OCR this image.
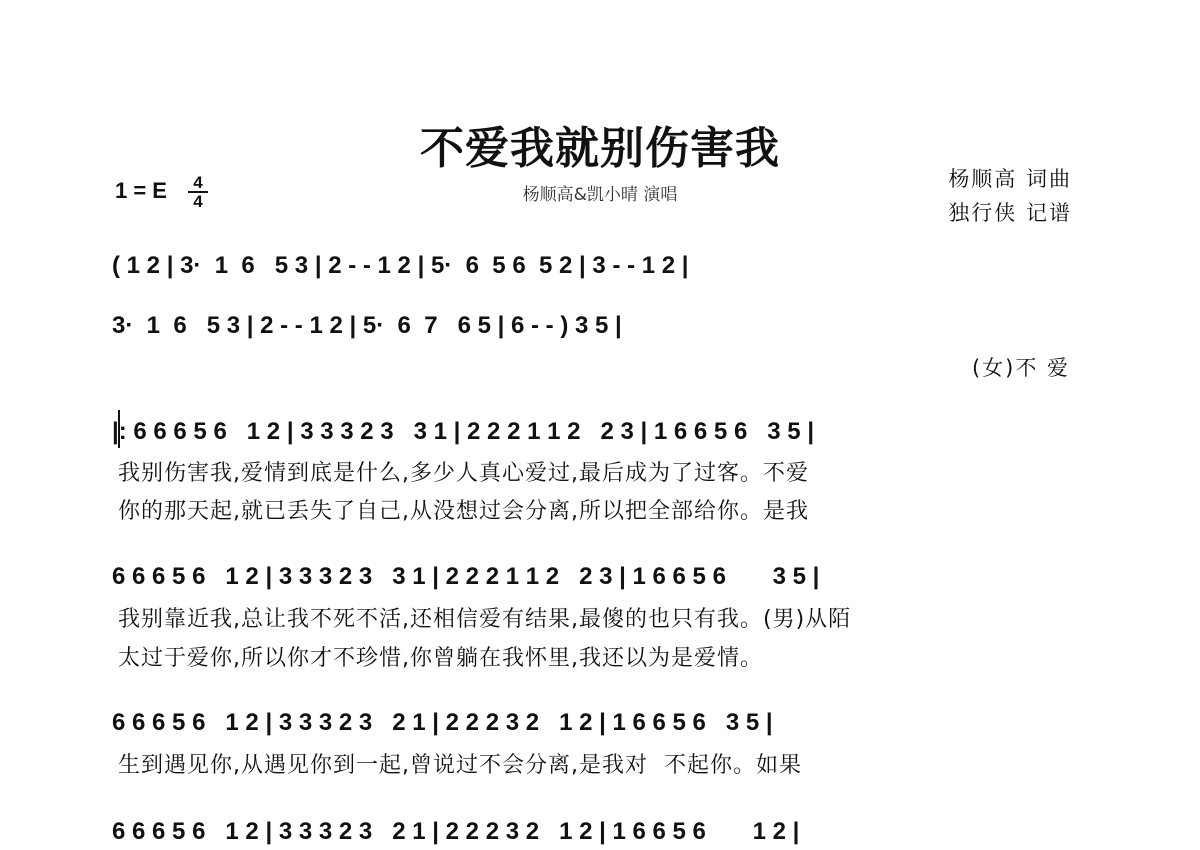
不爱我就别伤害我
1 = E	4
4	杨顺高&凯小晴 演唱
杨顺高 词曲
独行侠 记谱
( 1 2 | 3·  1  6   5 3 | 2 - - 1 2 | 5·  6  5 6  5 2 | 3 - - 1 2 |
3·  1  6   5 3 | 2 - - 1 2 | 5·  6  7   6 5 | 6 - - ) 3 5 |
(女)不 爱
|: 6 6 6 5 6   1 2 | 3 3 3 2 3   3 1 | 2 2 2 1 1 2   2 3 | 1 6 6 5 6   3 5 |
我别伤害我,爱情到底是什么,多少人真心爱过,最后成为了过客。不爱
你的那天起,就已丢失了自己,从没想过会分离,所以把全部给你。是我
6 6 6 5 6   1 2 | 3 3 3 2 3   3 1 | 2 2 2 1 1 2   2 3 | 1 6 6 5 6       3 5 |
我别靠近我,总让我不死不活,还相信爱有结果,最傻的也只有我。(男)从陌
太过于爱你,所以你才不珍惜,你曾躺在我怀里,我还以为是爱情。
6 6 6 5 6   1 2 | 3 3 3 2 3   2 1 | 2 2 2 3 2   1 2 | 1 6 6 5 6   3 5 |
生到遇见你,从遇见你到一起,曾说过不会分离,是我对  不起你。如果
6 6 6 5 6   1 2 | 3 3 3 2 3   2 1 | 2 2 2 3 2   1 2 | 1 6 6 5 6       1 2 |
